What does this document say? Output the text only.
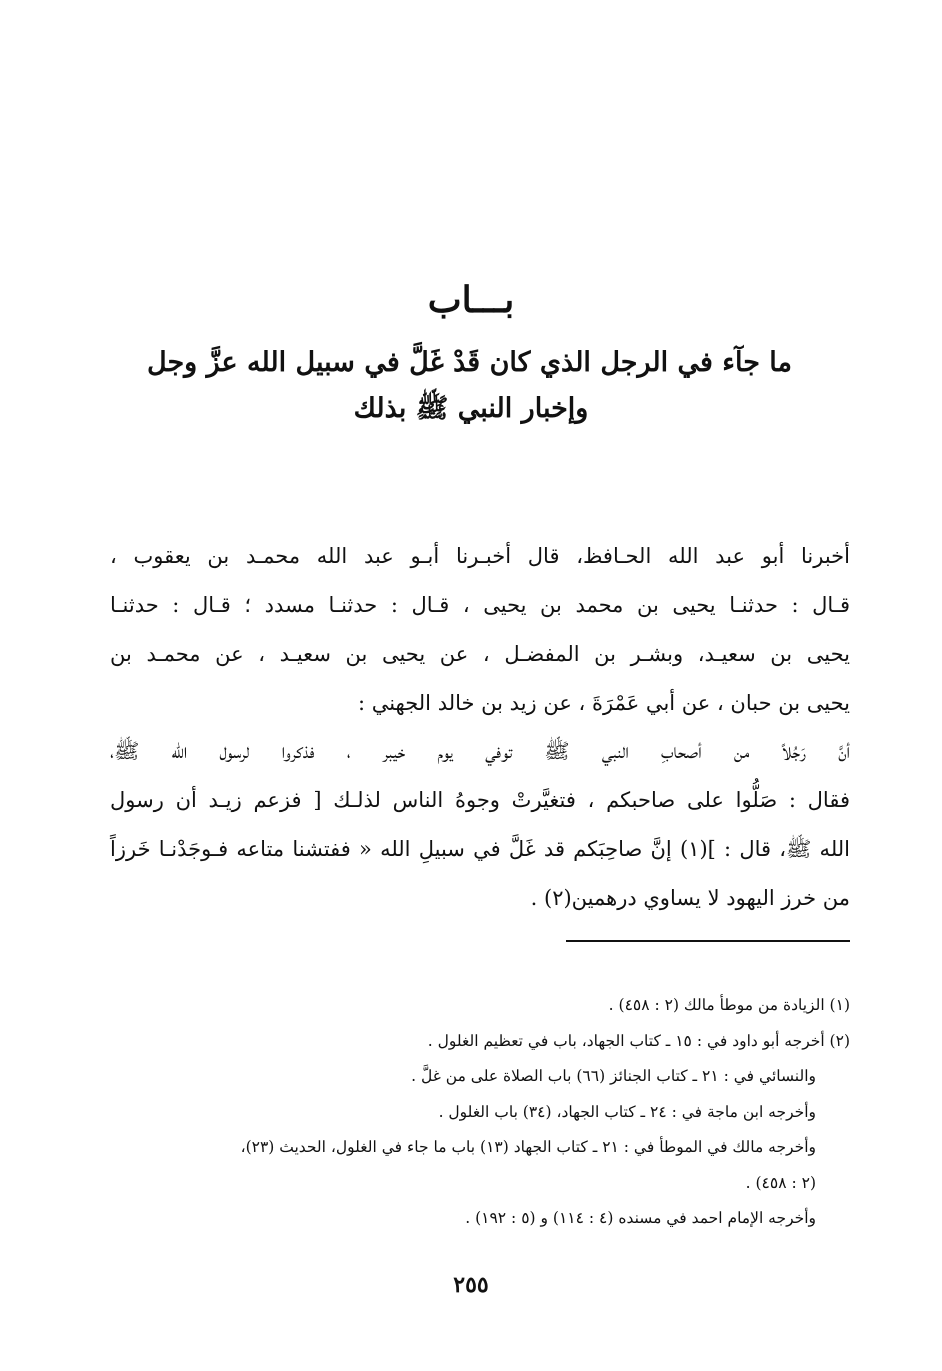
بـــاب
ما جآء في الرجل الذي كان قَدْ غَلَّ في سبيل الله عزَّ وجل
وإخبار النبي ﷺ بذلك
أخبرنا أبو عبد الله الحـافظ، قال أخبـرنا أبـو عبد الله محمـد بن يعقوب ،
قـال : حدثنـا يحيى بن محمد بن يحيى ، قـال : حدثنـا مسدد ؛ قـال : حدثنـا
يحيى بن سعيـد، وبشـر بن المفضـل ، عن يحيى بن سعيـد ، عن محمـد بن
يحيى بن حبان ، عن أبي عَمْرَةَ ، عن زيد بن خالد الجهني :
أنَّ رَجُلاً من أصحابِ النبي ﷺ توفي يوم خيبر ، فذكروا لرسول الله ﷺ،
فقال : صَلُّوا على صاحبكم ، فتغيَّرتْ وجوهُ الناس لذلـك [ فزعم زيـد أن رسول
الله ﷺ، قال : ](١) إنَّ صاحِبَكم قد غَلَّ في سبيلِ الله « ففتشنا متاعه فـوجَدْنـا خَرزاً
من خرز اليهود لا يساوي درهمين(٢) .
(١) الزيادة من موطأ مالك (٢ : ٤٥٨) .
(٢) أخرجه أبو داود في : ١٥ ـ كتاب الجهاد، باب في تعظيم الغلول .
والنسائي في : ٢١ ـ كتاب الجنائز (٦٦) باب الصلاة على من غلَّ .
وأخرجه ابن ماجة في : ٢٤ ـ كتاب الجهاد، (٣٤) باب الغلول .
وأخرجه مالك في الموطأ في : ٢١ ـ كتاب الجهاد (١٣) باب ما جاء في الغلول، الحديث (٢٣)،
(٢ : ٤٥٨) .
وأخرجه الإمام احمد في مسنده (٤ : ١١٤) و (٥ : ١٩٢) .
٢٥٥
